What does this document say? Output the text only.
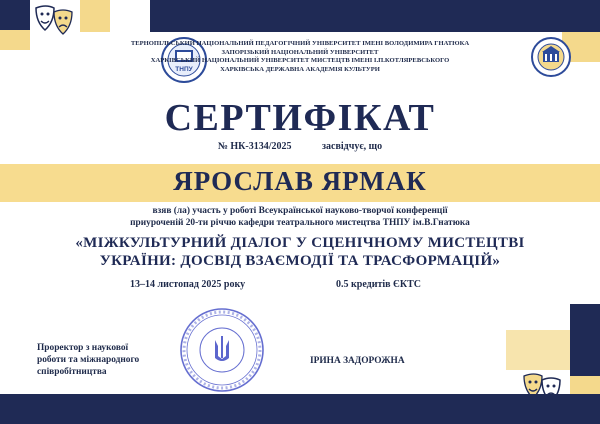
ТНПУ
ТЕРНОПІЛЬСЬКИЙ НАЦІОНАЛЬНИЙ ПЕДАГОГІЧНИЙ УНІВЕРСИТЕТ ІМЕНІ ВОЛОДИМИРА ГНАТЮКА
ЗАПОРІЗЬКИЙ НАЦІОНАЛЬНИЙ УНІВЕРСИТЕТ
ХАРКІВСЬКИЙ НАЦІОНАЛЬНИЙ УНІВЕРСИТЕТ МИСТЕЦТВ ІМЕНІ І.П.КОТЛЯРЕВСЬКОГО
ХАРКІВСЬКА ДЕРЖАВНА АКАДЕМІЯ КУЛЬТУРИ
СЕРТИФІКАТ
№ НК-3134/2025	засвідчує, що
ЯРОСЛАВ ЯРМАК
взяв (ла) участь у роботі Всеукраїнської науково-творчої конференції
приуроченій 20-ти річчю кафедри театрального мистецтва ТНПУ ім.В.Гнатюка
«МІЖКУЛЬТУРНИЙ ДІАЛОГ У СЦЕНІЧНОМУ МИСТЕЦТВІ
УКРАЇНИ: ДОСВІД ВЗАЄМОДІЇ ТА ТРАСФОРМАЦІЙ»
13–14 листопад 2025 року	0.5 кредитів ЄКТС
Проректор з наукової
роботи та міжнародного
співробітництва
ІРИНА ЗАДОРОЖНА
